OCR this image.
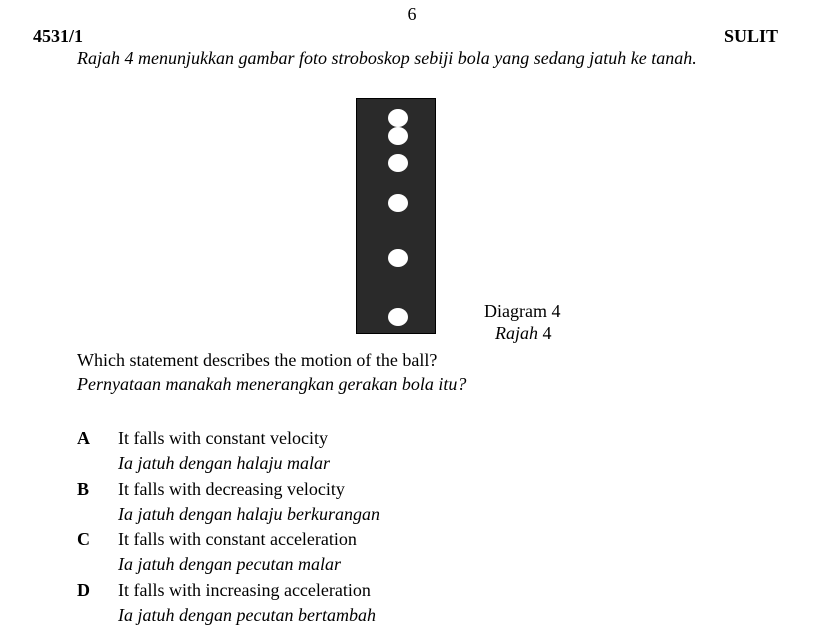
6
4531/1	SULIT
Rajah 4 menunjukkan gambar foto stroboskop sebiji bola yang sedang jatuh ke tanah.
Diagram 4
Rajah 4
Which statement describes the motion of the ball?
Pernyataan manakah menerangkan gerakan bola itu?
A It falls with constant velocity
Ia jatuh dengan halaju malar
B It falls with decreasing velocity
Ia jatuh dengan halaju berkurangan
C It falls with constant acceleration
Ia jatuh dengan pecutan malar
D It falls with increasing acceleration
Ia jatuh dengan pecutan bertambah
